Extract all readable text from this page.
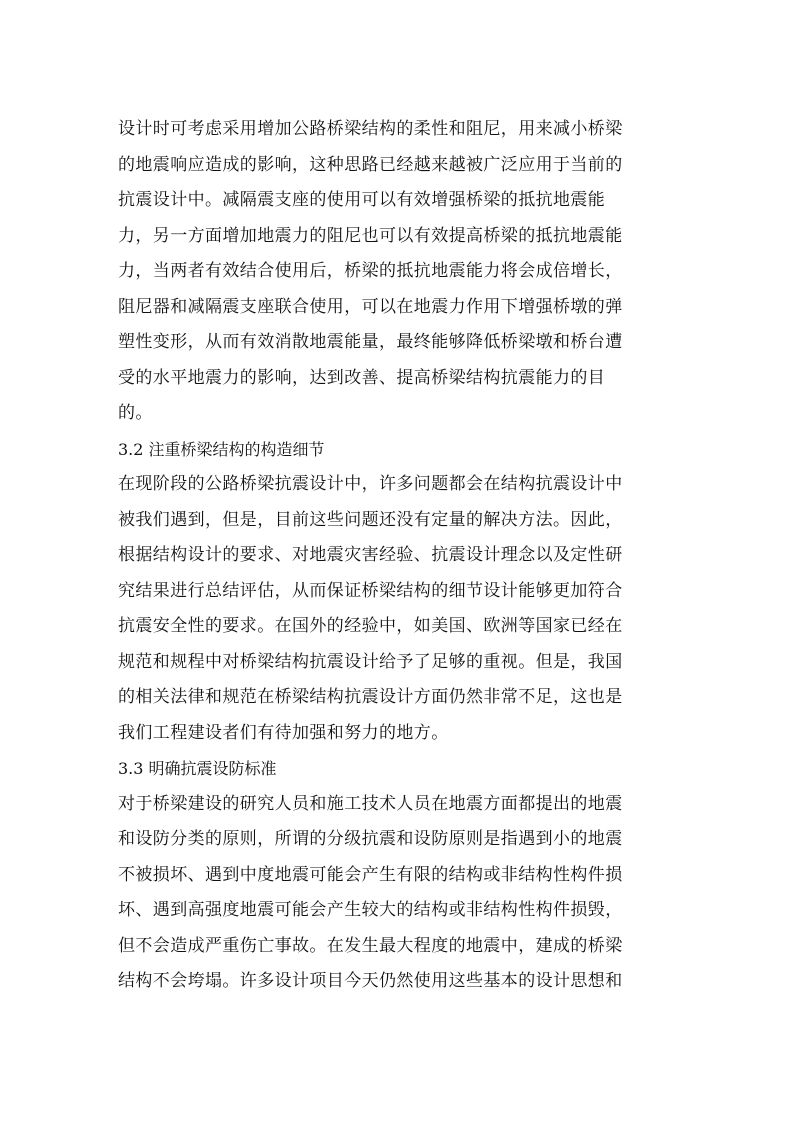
设计时可考虑采用增加公路桥梁结构的柔性和阻尼，用来减小桥梁
的地震响应造成的影响，这种思路已经越来越被广泛应用于当前的
抗震设计中。减隔震支座的使用可以有效增强桥梁的抵抗地震能
力，另一方面增加地震力的阻尼也可以有效提高桥梁的抵抗地震能
力，当两者有效结合使用后，桥梁的抵抗地震能力将会成倍增长，
阻尼器和减隔震支座联合使用，可以在地震力作用下增强桥墩的弹
塑性变形，从而有效消散地震能量，最终能够降低桥梁墩和桥台遭
受的水平地震力的影响，达到改善、提高桥梁结构抗震能力的目
的。
3.2 注重桥梁结构的构造细节
在现阶段的公路桥梁抗震设计中，许多问题都会在结构抗震设计中
被我们遇到，但是，目前这些问题还没有定量的解决方法。因此，
根据结构设计的要求、对地震灾害经验、抗震设计理念以及定性研
究结果进行总结评估，从而保证桥梁结构的细节设计能够更加符合
抗震安全性的要求。在国外的经验中，如美国、欧洲等国家已经在
规范和规程中对桥梁结构抗震设计给予了足够的重视。但是，我国
的相关法律和规范在桥梁结构抗震设计方面仍然非常不足，这也是
我们工程建设者们有待加强和努力的地方。
3.3 明确抗震设防标准
对于桥梁建设的研究人员和施工技术人员在地震方面都提出的地震
和设防分类的原则，所谓的分级抗震和设防原则是指遇到小的地震
不被损坏、遇到中度地震可能会产生有限的结构或非结构性构件损
坏、遇到高强度地震可能会产生较大的结构或非结构性构件损毁，
但不会造成严重伤亡事故。在发生最大程度的地震中，建成的桥梁
结构不会垮塌。许多设计项目今天仍然使用这些基本的设计思想和
